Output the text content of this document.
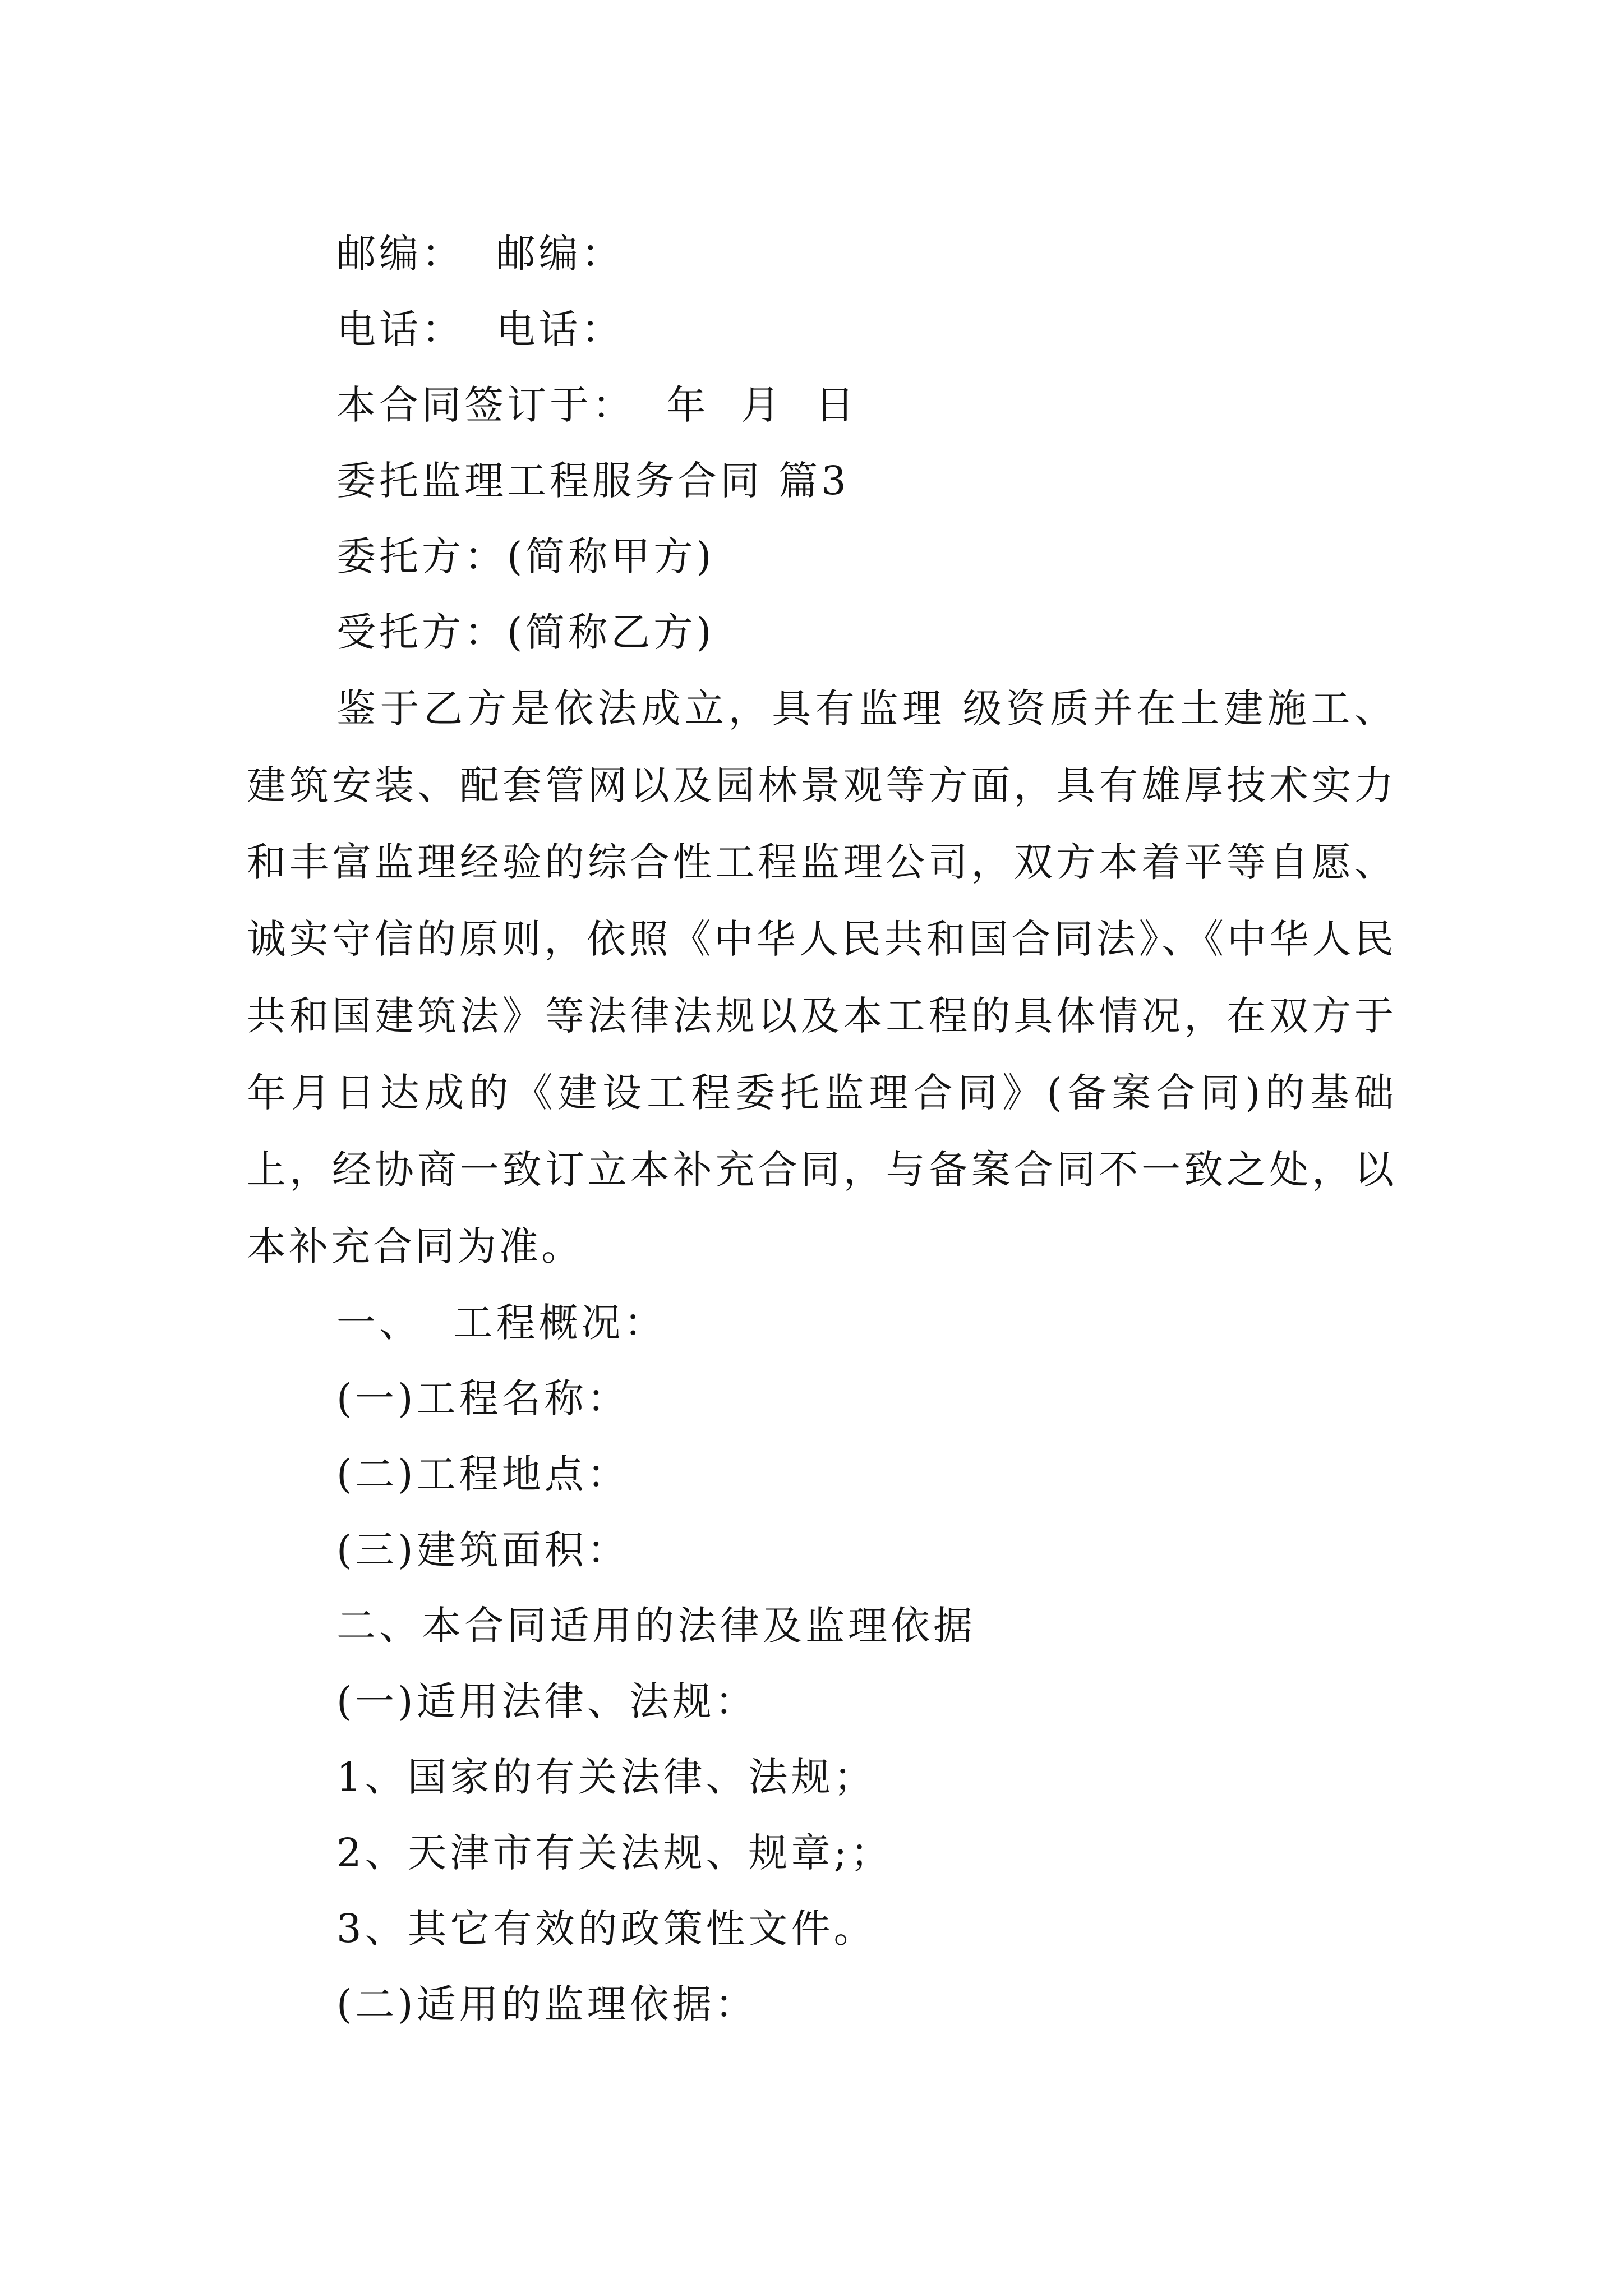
邮编：  邮编：

电话：  电话：

本合同签订于：  年  月  日

委托监理工程服务合同 篇3

委托方：(简称甲方)

受托方：(简称乙方)

鉴于乙方是依法成立，具有监理 级资质并在土建施工、建筑安装、配套管网以及园林景观等方面，具有雄厚技术实力和丰富监理经验的综合性工程监理公司，双方本着平等自愿、诚实守信的原则，依照《中华人民共和国合同法》、《中华人民共和国建筑法》等法律法规以及本工程的具体情况，在双方于年月日达成的《建设工程委托监理合同》(备案合同)的基础上，经协商一致订立本补充合同，与备案合同不一致之处，以本补充合同为准。

一、  工程概况：

(一)工程名称：

(二)工程地点：

(三)建筑面积：

二、本合同适用的法律及监理依据

(一)适用法律、法规：

1、国家的有关法律、法规；

2、天津市有关法规、规章;；

3、其它有效的政策性文件。

(二)适用的监理依据：
